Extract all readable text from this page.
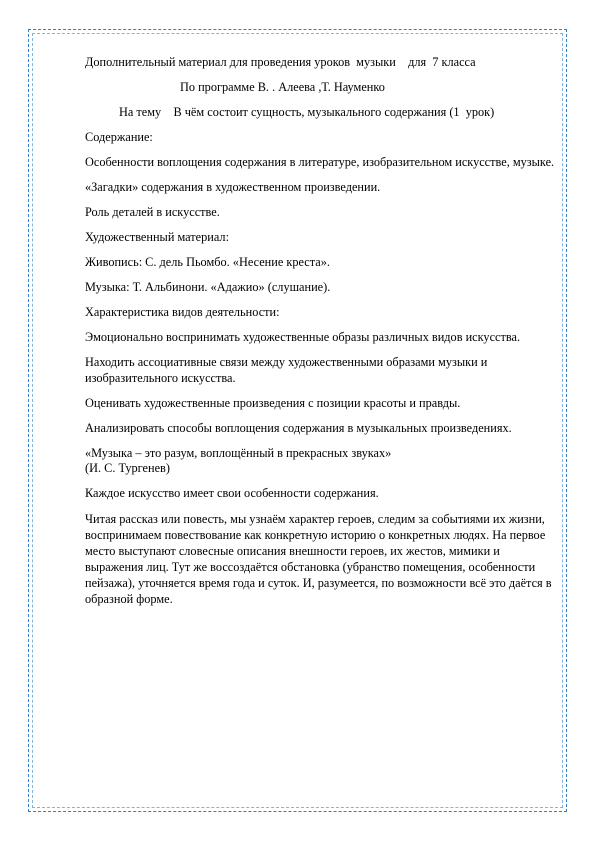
Дополнительный материал для проведения уроков  музыки    для  7 класса
По программе В. . Алеева ,Т. Науменко
На тему    В чём состоит сущность, музыкального содержания (1  урок)

Содержание:

Особенности воплощения содержания в литературе, изобразительном искусстве, музыке.

«Загадки» содержания в художественном произведении.

Роль деталей в искусстве.

Художественный материал:

Живопись: С. дель Пьомбо. «Несение креста».

Музыка: Т. Альбинони. «Адажио» (слушание).

Характеристика видов деятельности:

Эмоционально воспринимать художественные образы различных видов искусства.

Находить ассоциативные связи между художественными образами музыки и изобразительного искусства.

Оценивать художественные произведения с позиции красоты и правды.

Анализировать способы воплощения содержания в музыкальных произведениях.

«Музыка – это разум, воплощённый в прекрасных звуках»

(И. С. Тургенев)

Каждое искусство имеет свои особенности содержания.

Читая рассказ или повесть, мы узнаём характер героев, следим за событиями их жизни, воспринимаем повествование как конкретную историю о конкретных людях. На первое место выступают словесные описания внешности героев, их жестов, мимики и выражения лиц. Тут же воссоздаётся обстановка (убранство помещения, особенности пейзажа), уточняется время года и суток. И, разумеется, по возможности всё это даётся в образной форме.
